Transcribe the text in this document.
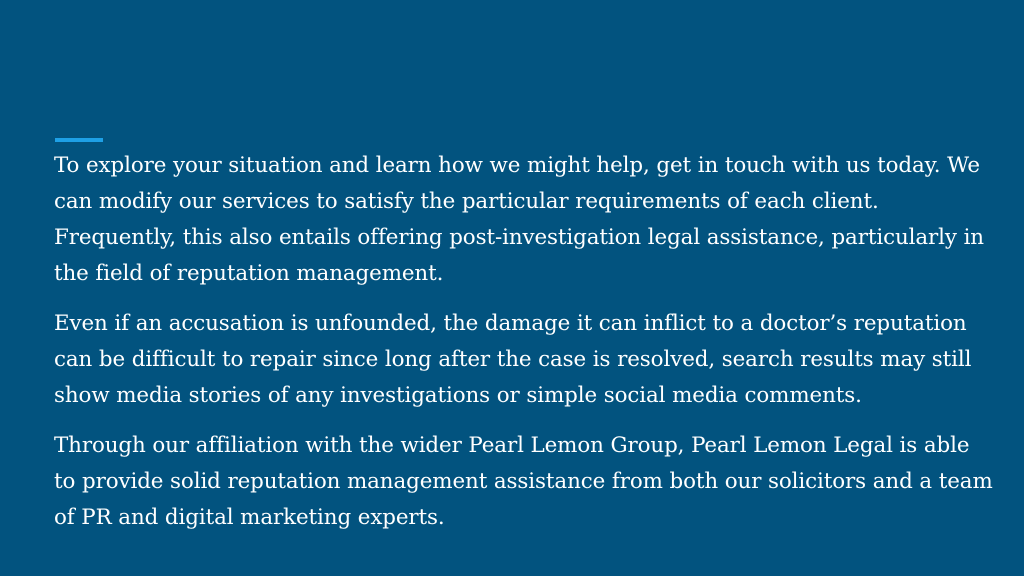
To explore your situation and learn how we might help, get in touch with us today. We can modify our services to satisfy the particular requirements of each client. Frequently, this also entails offering post-investigation legal assistance, particularly in the field of reputation management.

Even if an accusation is unfounded, the damage it can inflict to a doctor’s reputation can be difficult to repair since long after the case is resolved, search results may still show media stories of any investigations or simple social media comments.

Through our affiliation with the wider Pearl Lemon Group, Pearl Lemon Legal is able to provide solid reputation management assistance from both our solicitors and a team of PR and digital marketing experts.
